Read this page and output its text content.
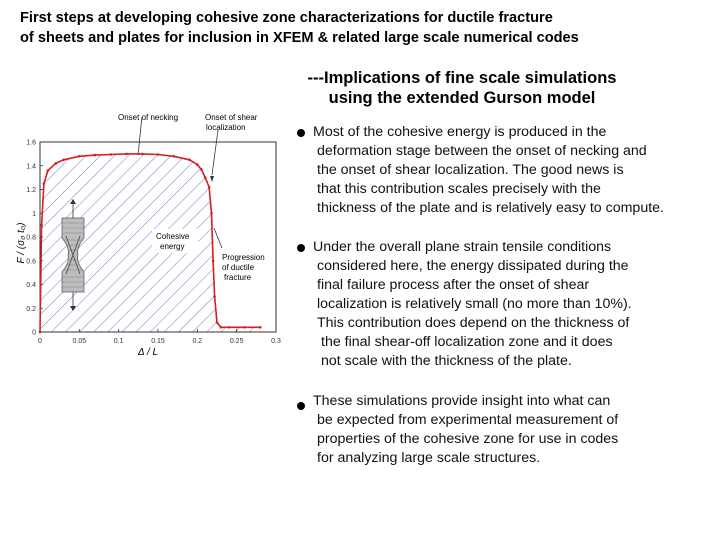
First steps at developing cohesive zone characterizations for ductile fracture
of sheets and plates for inclusion in XFEM & related large scale numerical codes
---Implications of fine scale simulations
using the extended Gurson model
Most of the cohesive energy is produced in the
deformation stage between the onset of necking and
the onset of shear localization. The good news is
that this contribution scales precisely with the
thickness of the plate and is relatively easy to compute.
Under the overall plane strain tensile conditions
considered here, the energy dissipated during the
final failure process after the onset of shear
localization is relatively small (no more than 10%).
This contribution does depend on the thickness of
the final shear-off localization zone and it does
not scale with the thickness of the plate.
These simulations provide insight into what can
be expected from experimental measurement of
properties of the cohesive zone for use in codes
for analyzing large scale structures.
0	0.05	0.1	0.15	0.2	0.25	0.3
0
0.2
0.4
0.6
0.8
1
1.2
1.4
1.6
Cohesive
energy
Onset of necking	Onset of shear
localization
Progression
of ductile
fracture
Δ / L
F / (σ₀ t₀)
